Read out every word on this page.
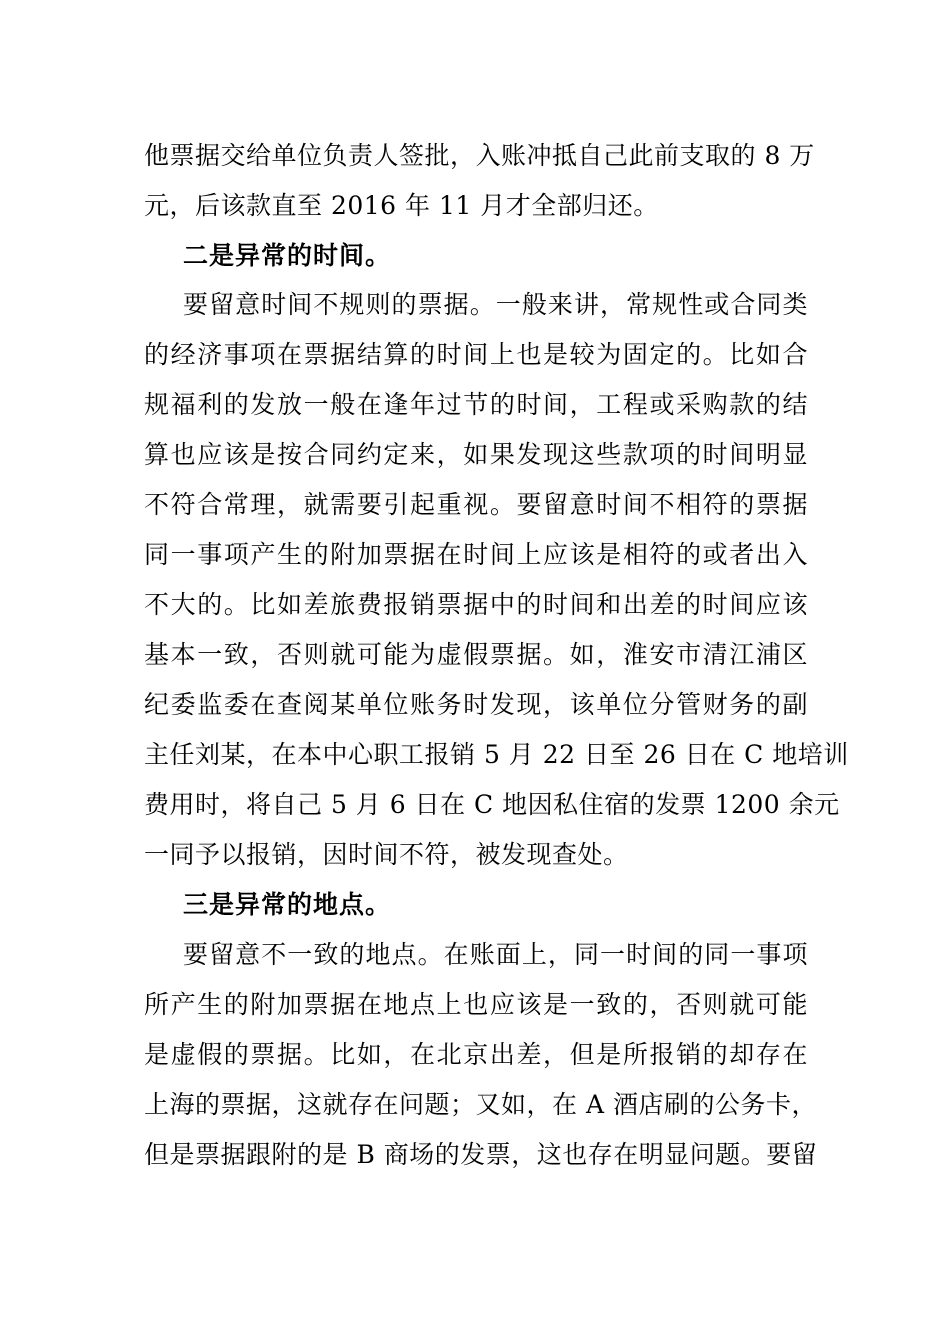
他票据交给单位负责人签批，入账冲抵自己此前支取的 8 万
元，后该款直至 2016 年 11 月才全部归还。
二是异常的时间。
要留意时间不规则的票据。一般来讲，常规性或合同类
的经济事项在票据结算的时间上也是较为固定的。比如合
规福利的发放一般在逢年过节的时间，工程或采购款的结
算也应该是按合同约定来，如果发现这些款项的时间明显
不符合常理，就需要引起重视。要留意时间不相符的票据
同一事项产生的附加票据在时间上应该是相符的或者出入
不大的。比如差旅费报销票据中的时间和出差的时间应该
基本一致，否则就可能为虚假票据。如，淮安市清江浦区
纪委监委在查阅某单位账务时发现，该单位分管财务的副
主任刘某，在本中心职工报销 5 月 22 日至 26 日在 C 地培训
费用时，将自己 5 月 6 日在 C 地因私住宿的发票 1200 余元
一同予以报销，因时间不符，被发现查处。
三是异常的地点。
要留意不一致的地点。在账面上，同一时间的同一事项
所产生的附加票据在地点上也应该是一致的，否则就可能
是虚假的票据。比如，在北京出差，但是所报销的却存在
上海的票据，这就存在问题；又如，在 A 酒店刷的公务卡，
但是票据跟附的是 B 商场的发票，这也存在明显问题。要留
